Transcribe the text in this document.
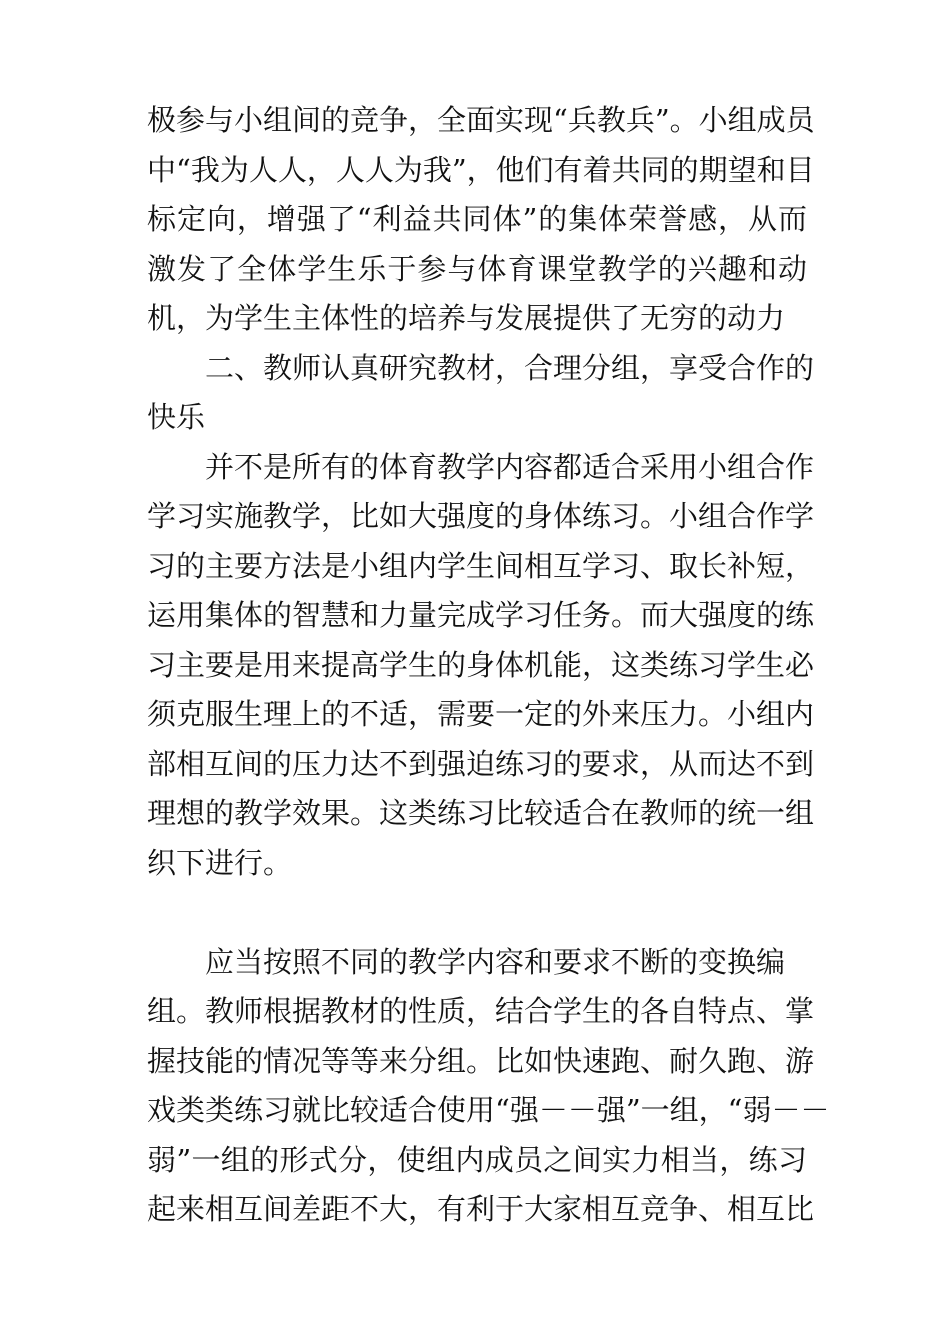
极参与小组间的竞争，全面实现“兵教兵”。小组成员
中“我为人人，人人为我”，他们有着共同的期望和目
标定向，增强了“利益共同体”的集体荣誉感，从而
激发了全体学生乐于参与体育课堂教学的兴趣和动
机，为学生主体性的培养与发展提供了无穷的动力
二、教师认真研究教材，合理分组，享受合作的
快乐
并不是所有的体育教学内容都适合采用小组合作
学习实施教学，比如大强度的身体练习。小组合作学
习的主要方法是小组内学生间相互学习、取长补短，
运用集体的智慧和力量完成学习任务。而大强度的练
习主要是用来提高学生的身体机能，这类练习学生必
须克服生理上的不适，需要一定的外来压力。小组内
部相互间的压力达不到强迫练习的要求，从而达不到
理想的教学效果。这类练习比较适合在教师的统一组
织下进行。
应当按照不同的教学内容和要求不断的变换编
组。教师根据教材的性质，结合学生的各自特点、掌
握技能的情况等等来分组。比如快速跑、耐久跑、游
戏类类练习就比较适合使用“强－－强”一组，“弱－－
弱”一组的形式分，使组内成员之间实力相当，练习
起来相互间差距不大，有利于大家相互竞争、相互比
